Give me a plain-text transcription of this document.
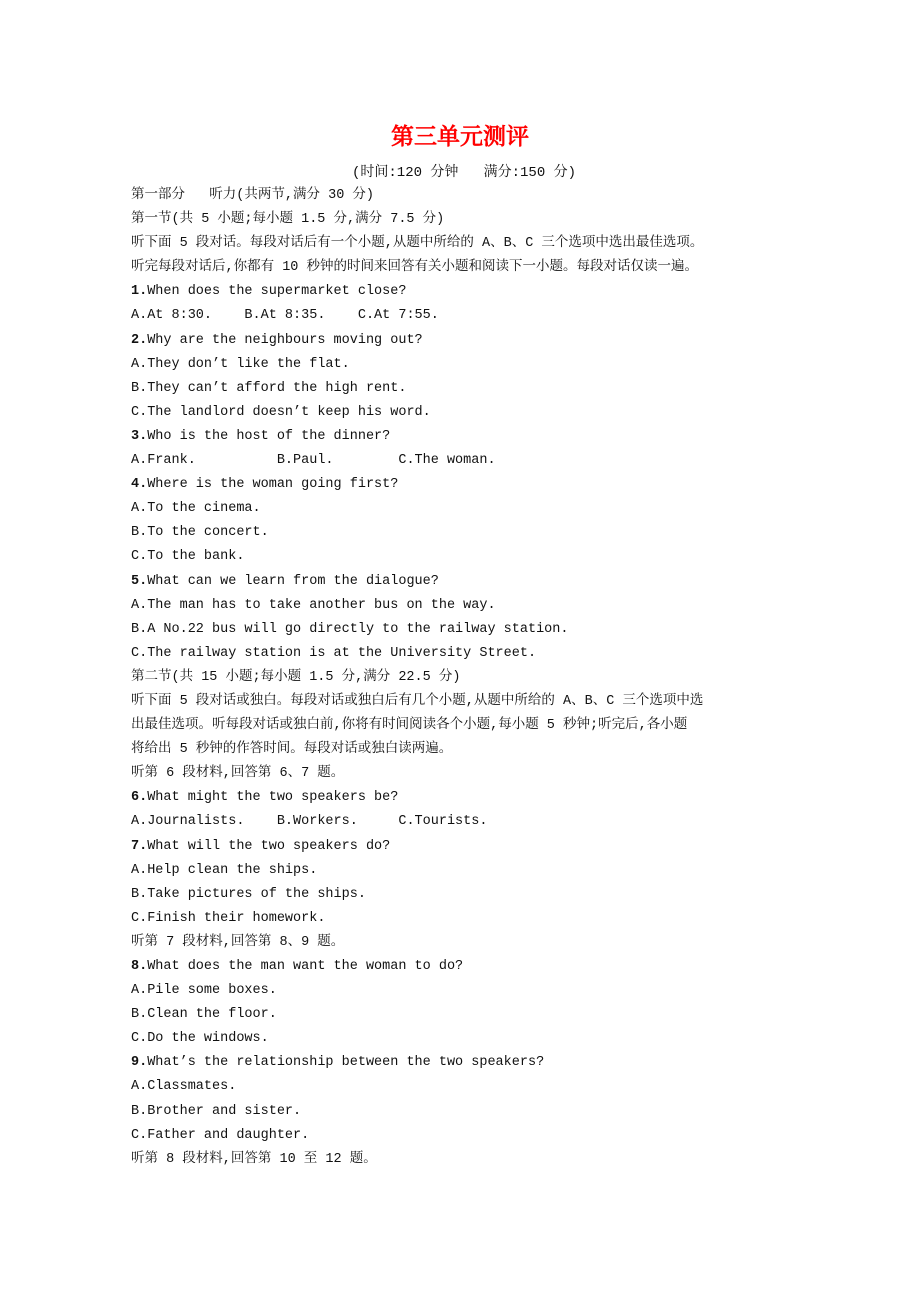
第三单元测评
(时间:120 分钟   满分:150 分)
第一部分   听力(共两节,满分 30 分)
第一节(共 5 小题;每小题 1.5 分,满分 7.5 分)
听下面 5 段对话。每段对话后有一个小题,从题中所给的 A、B、C 三个选项中选出最佳选项。
听完每段对话后,你都有 10 秒钟的时间来回答有关小题和阅读下一小题。每段对话仅读一遍。
1.When does the supermarket close?
A.At 8:30.    B.At 8:35.    C.At 7:55.
2.Why are the neighbours moving out?
A.They don’t like the flat.
B.They can’t afford the high rent.
C.The landlord doesn’t keep his word.
3.Who is the host of the dinner?
A.Frank.          B.Paul.        C.The woman.
4.Where is the woman going first?
A.To the cinema.
B.To the concert.
C.To the bank.
5.What can we learn from the dialogue?
A.The man has to take another bus on the way.
B.A No.22 bus will go directly to the railway station.
C.The railway station is at the University Street.
第二节(共 15 小题;每小题 1.5 分,满分 22.5 分)
听下面 5 段对话或独白。每段对话或独白后有几个小题,从题中所给的 A、B、C 三个选项中选
出最佳选项。听每段对话或独白前,你将有时间阅读各个小题,每小题 5 秒钟;听完后,各小题
将给出 5 秒钟的作答时间。每段对话或独白读两遍。
听第 6 段材料,回答第 6、7 题。
6.What might the two speakers be?
A.Journalists.    B.Workers.     C.Tourists.
7.What will the two speakers do?
A.Help clean the ships.
B.Take pictures of the ships.
C.Finish their homework.
听第 7 段材料,回答第 8、9 题。
8.What does the man want the woman to do?
A.Pile some boxes.
B.Clean the floor.
C.Do the windows.
9.What’s the relationship between the two speakers?
A.Classmates.
B.Brother and sister.
C.Father and daughter.
听第 8 段材料,回答第 10 至 12 题。
